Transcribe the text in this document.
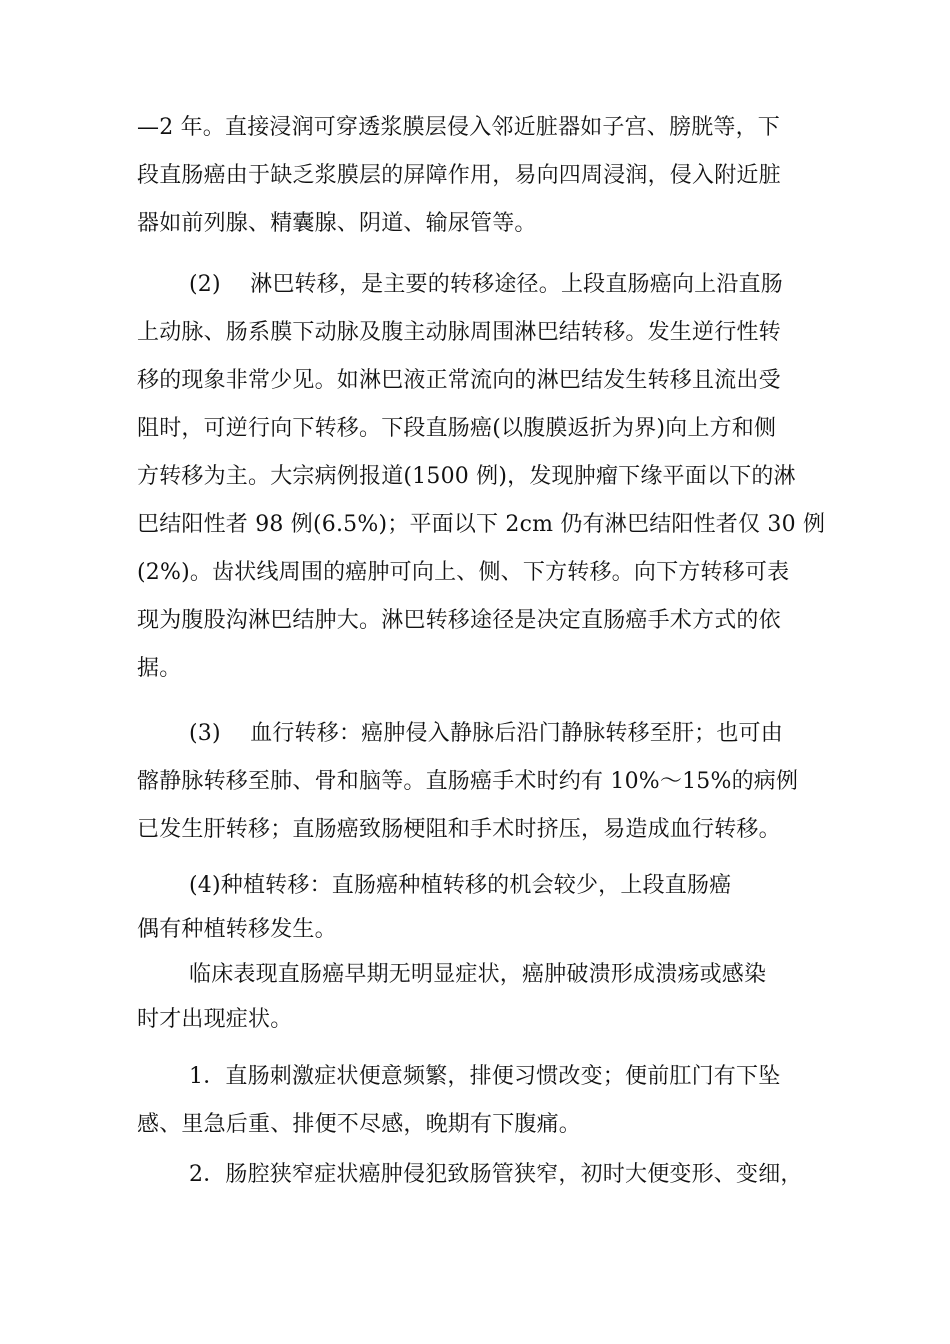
—2 年。直接浸润可穿透浆膜层侵入邻近脏器如子宫、膀胱等，下
段直肠癌由于缺乏浆膜层的屏障作用，易向四周浸润，侵入附近脏
器如前列腺、精囊腺、阴道、输尿管等。
(2)　 淋巴转移，是主要的转移途径。上段直肠癌向上沿直肠
上动脉、肠系膜下动脉及腹主动脉周围淋巴结转移。发生逆行性转
移的现象非常少见。如淋巴液正常流向的淋巴结发生转移且流出受
阻时，可逆行向下转移。下段直肠癌(以腹膜返折为界)向上方和侧
方转移为主。大宗病例报道(1500 例)，发现肿瘤下缘平面以下的淋
巴结阳性者 98 例(6.5%)；平面以下 2cm 仍有淋巴结阳性者仅 30 例
(2%)。齿状线周围的癌肿可向上、侧、下方转移。向下方转移可表
现为腹股沟淋巴结肿大。淋巴转移途径是决定直肠癌手术方式的依
据。
(3)　 血行转移：癌肿侵入静脉后沿门静脉转移至肝；也可由
髂静脉转移至肺、骨和脑等。直肠癌手术时约有 10%～15%的病例
已发生肝转移；直肠癌致肠梗阻和手术时挤压，易造成血行转移。
(4)种植转移：直肠癌种植转移的机会较少，上段直肠癌
偶有种植转移发生。
临床表现直肠癌早期无明显症状，癌肿破溃形成溃疡或感染
时才出现症状。
1．直肠刺激症状便意频繁，排便习惯改变；便前肛门有下坠
感、里急后重、排便不尽感，晚期有下腹痛。
2．肠腔狭窄症状癌肿侵犯致肠管狭窄，初时大便变形、变细，
